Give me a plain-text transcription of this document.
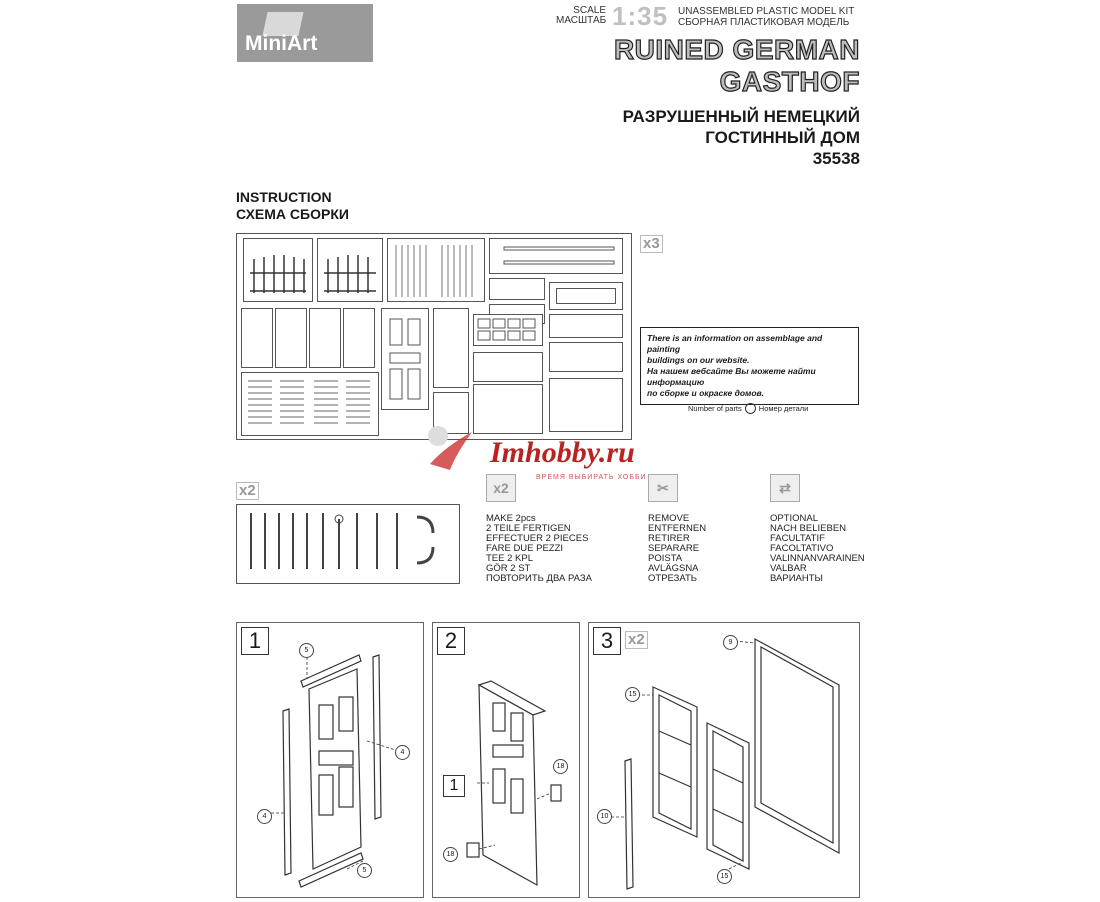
MiniArt
SCALE
МАСШТАБ 1:35 UNASSEMBLED PLASTIC MODEL KIT
СБОРНАЯ ПЛАСТИКОВАЯ МОДЕЛЬ
RUINED GERMAN
GASTHOF
РАЗРУШЕННЫЙ НЕМЕЦКИЙ
ГОСТИННЫЙ ДОМ
35538
INSTRUCTION
СХЕМА СБОРКИ
x3
There is an information on assemblage and painting
buildings on our website.
На нашем вебсайте Вы можете найти информацию
по сборке и окраске домов.
Number of parts Номер детали
Imhobby.ru
ВРЕМЯ ВЫБИРАТЬ ХОББИ
x2	x2
MAKE 2pcs
2 TEILE FERTIGEN
EFFECTUER 2 PIECES
FARE DUE PEZZI
TEE 2 KPL
GÖR 2 ST
ПОВТОРИТЬ ДВА РАЗА
✂
REMOVE
ENTFERNEN
RETIRER
SEPARARE
POISTA
AVLÄGSNA
ОТРЕЗАТЬ
⇄
OPTIONAL
NACH BELIEBEN
FACULTATIF
FACOLTATIVO
VALINNANVARAINEN
VALBAR
ВАРИАНТЫ
1	5
4
4
5
2
1
18
18
3 x2	9
15
10
15
